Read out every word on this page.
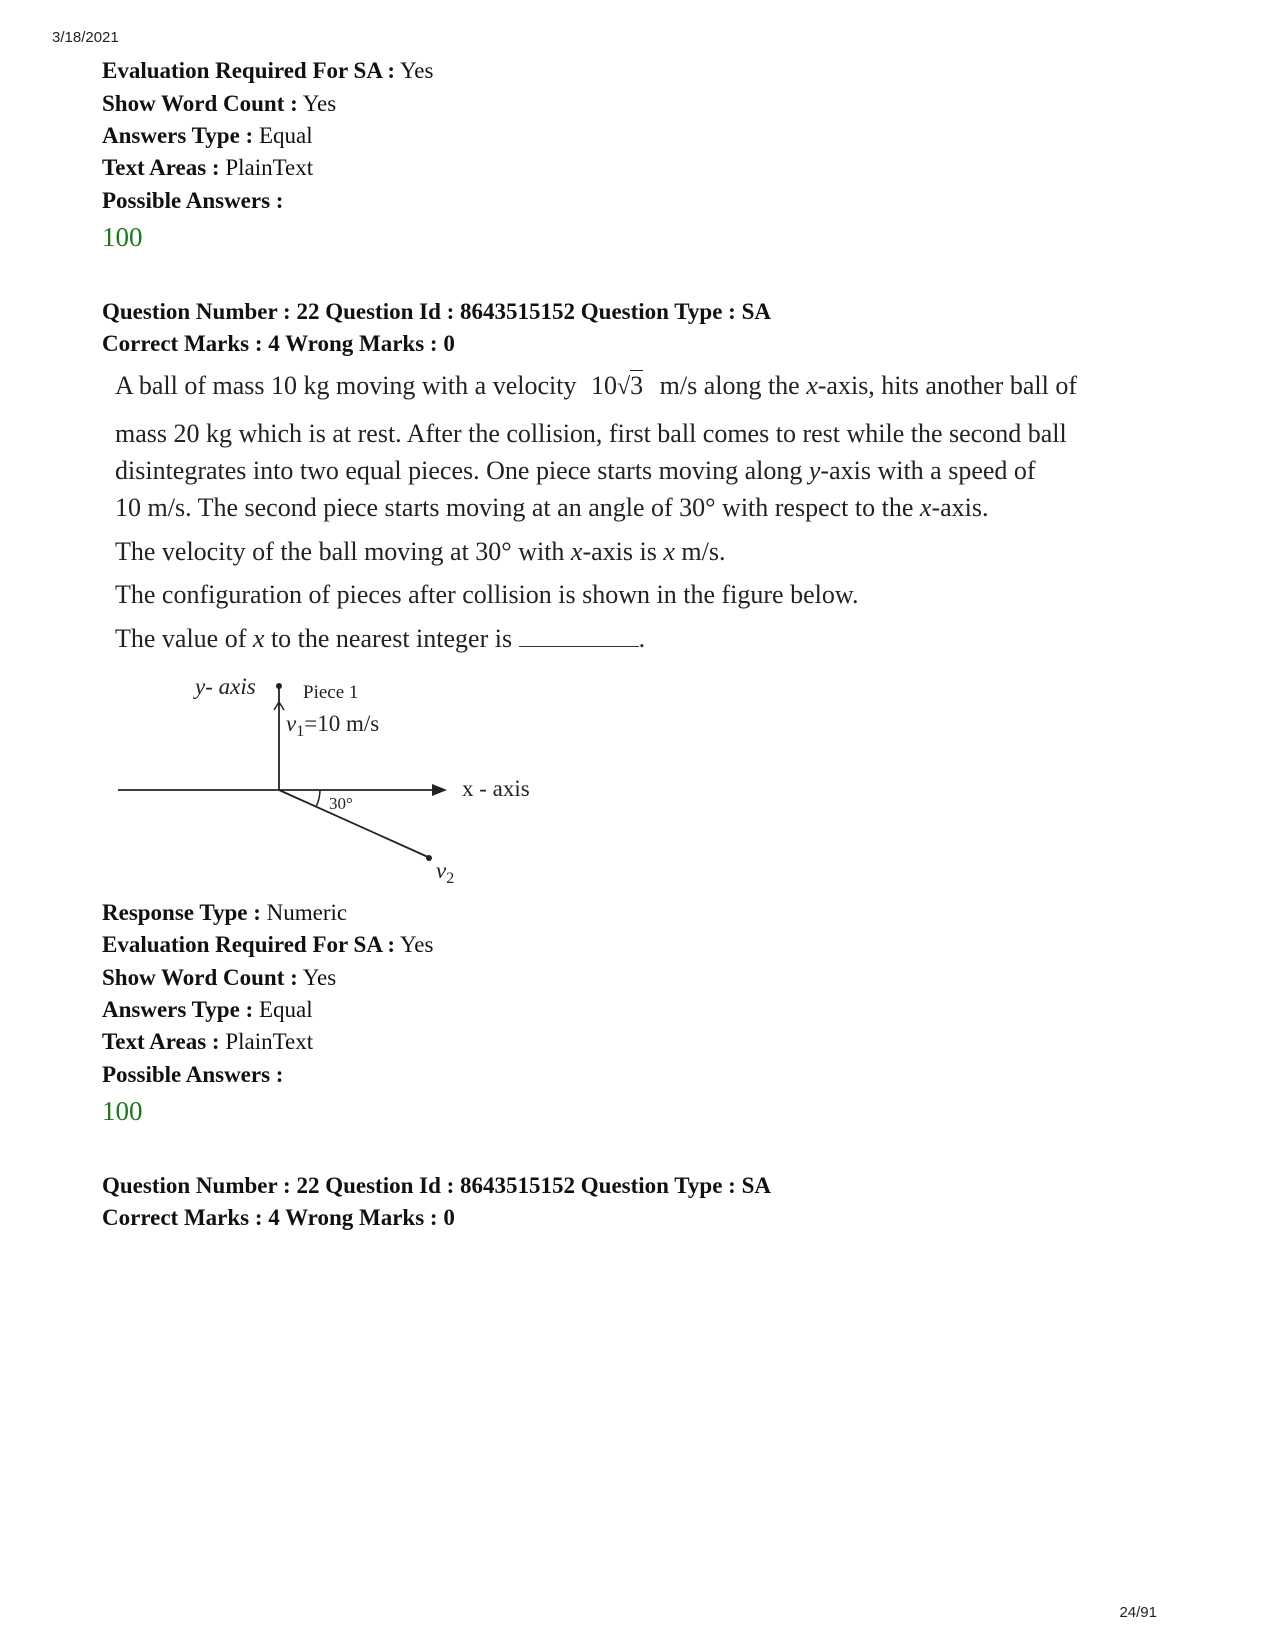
3/18/2021
Evaluation Required For SA : Yes
Show Word Count : Yes
Answers Type : Equal
Text Areas : PlainText
Possible Answers :
100
Question Number : 22 Question Id : 8643515152 Question Type : SA
Correct Marks : 4 Wrong Marks : 0
A ball of mass 10 kg moving with a velocity 10√3 m/s along the x-axis, hits another ball of
mass 20 kg which is at rest. After the collision, first ball comes to rest while the second ball
disintegrates into two equal pieces. One piece starts moving along y-axis with a speed of
10 m/s. The second piece starts moving at an angle of 30° with respect to the x-axis.
The velocity of the ball moving at 30° with x-axis is x m/s.
The configuration of pieces after collision is shown in the figure below.
The value of x to the nearest integer is	.
y- axis Piece 1
$v_1=10$ m/s
x - axis
30°
$v_2$
Response Type : Numeric
Evaluation Required For SA : Yes
Show Word Count : Yes
Answers Type : Equal
Text Areas : PlainText
Possible Answers :
100
Question Number : 22 Question Id : 8643515152 Question Type : SA
Correct Marks : 4 Wrong Marks : 0
24/91
